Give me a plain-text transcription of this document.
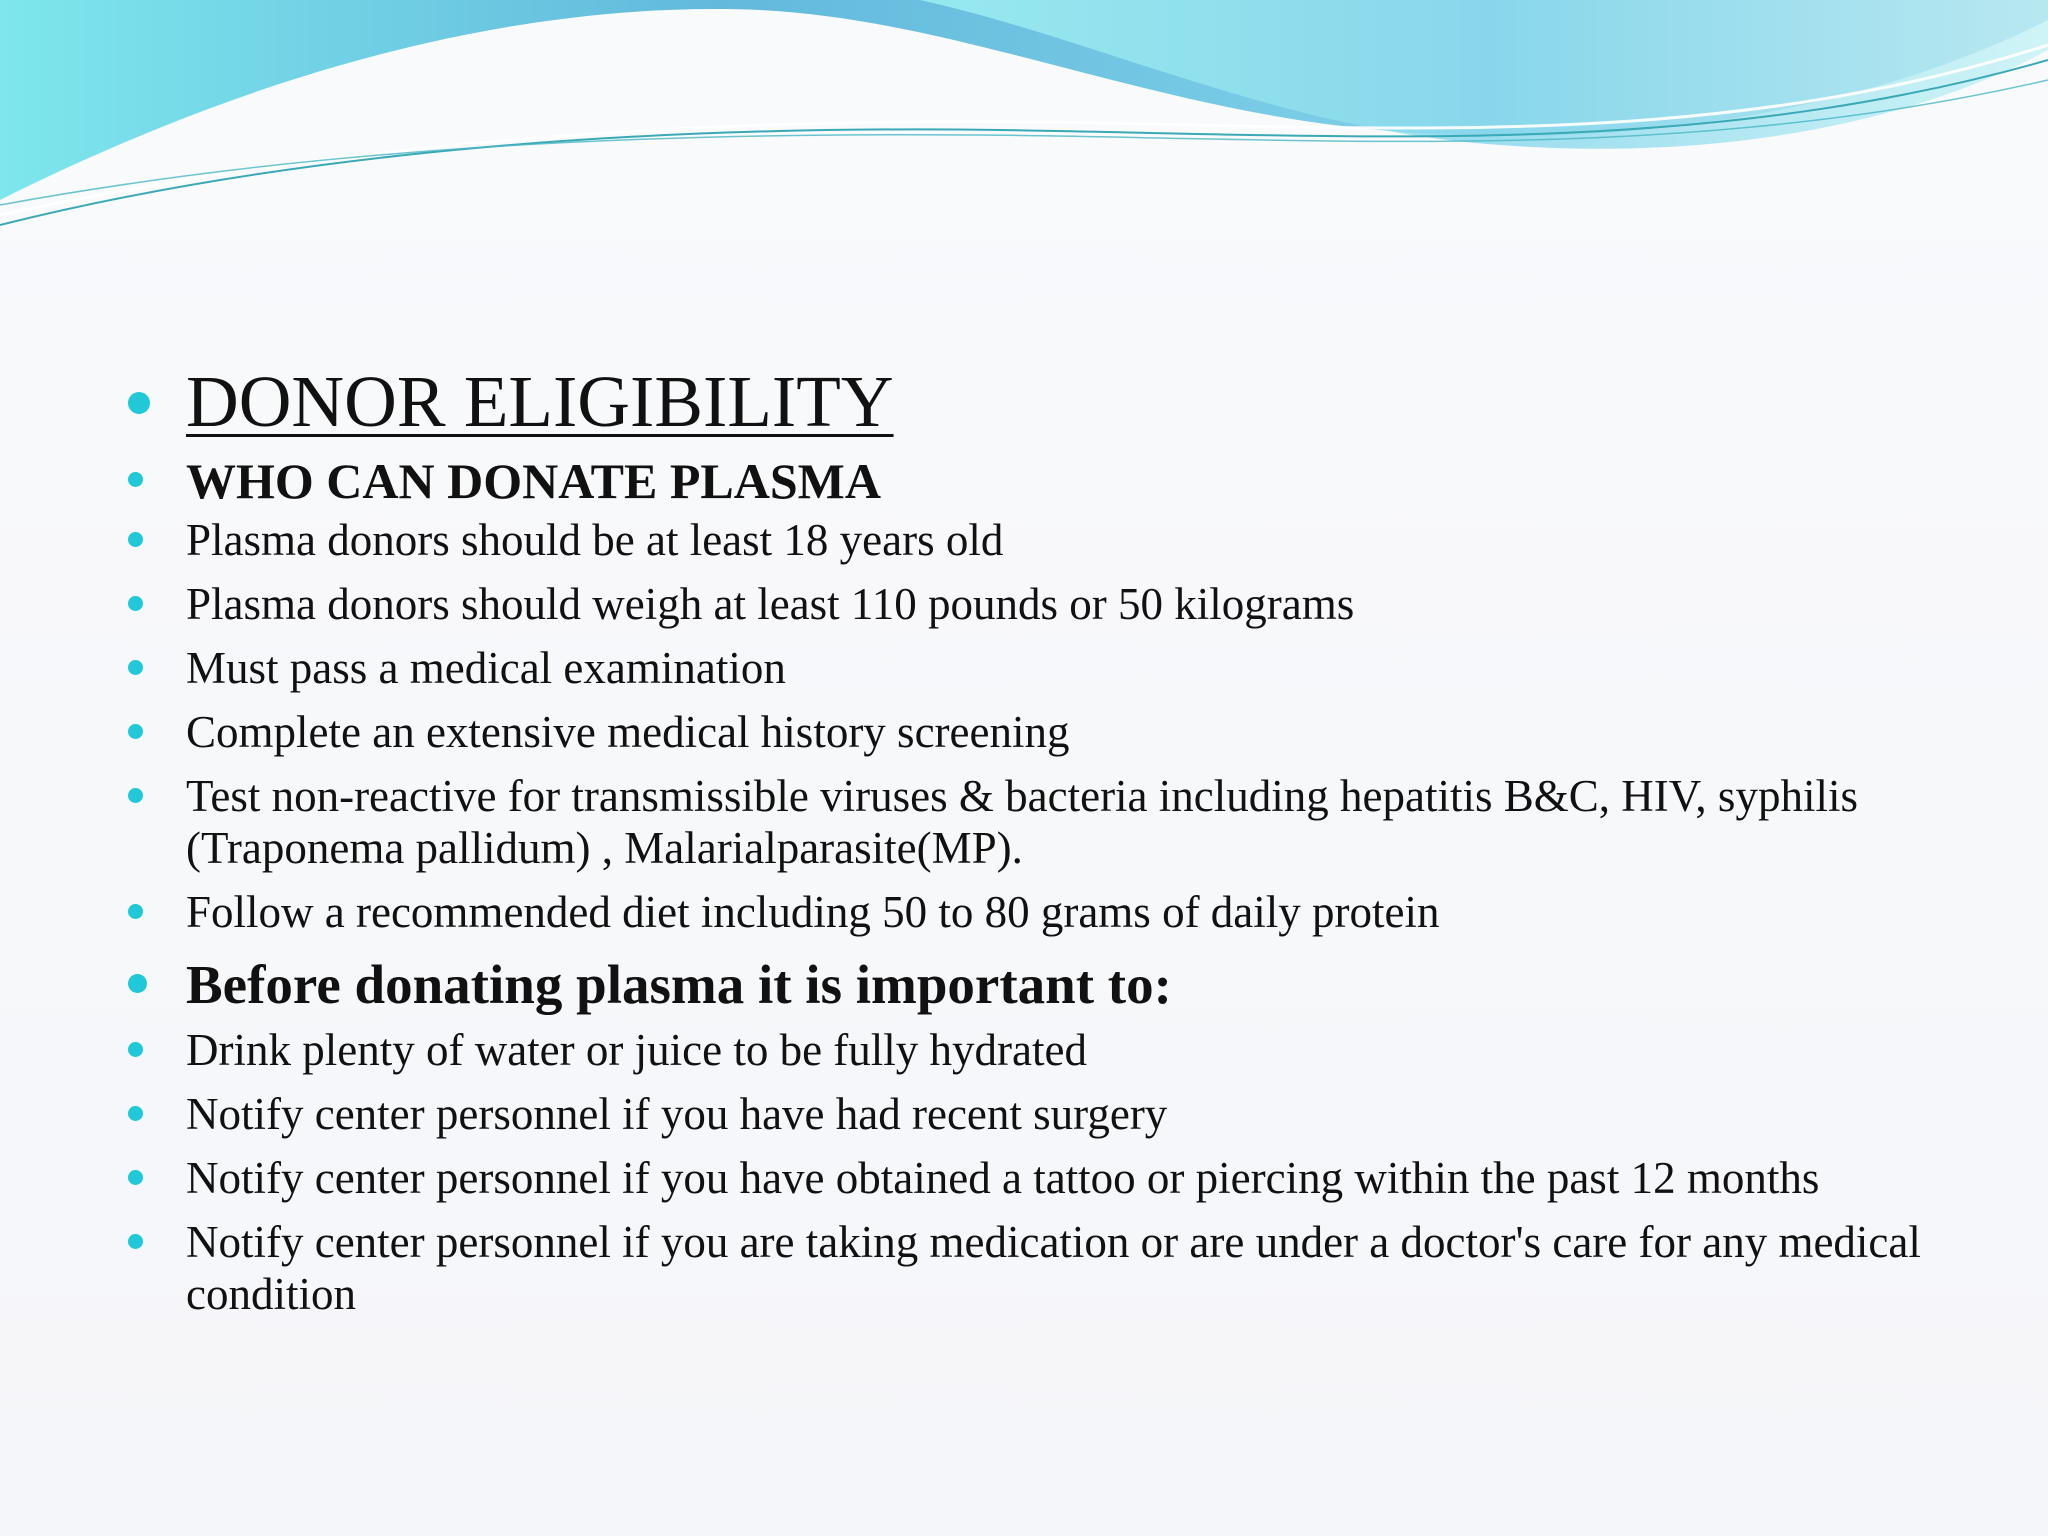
DONOR ELIGIBILITY
WHO CAN DONATE PLASMA
Plasma donors should be at least 18 years old
Plasma donors should weigh at least 110 pounds or 50 kilograms
Must pass a medical examination
Complete an extensive medical history screening
Test non-reactive for transmissible viruses & bacteria including hepatitis B&C, HIV, syphilis (Traponema pallidum) , Malarialparasite(MP).
Follow a recommended diet including 50 to 80 grams of daily protein
Before donating plasma it is important to:
Drink plenty of water or juice to be fully hydrated
Notify center personnel if you have had recent surgery
Notify center personnel if you have obtained a tattoo or piercing within the past 12 months
Notify center personnel if you are taking medication or are under a doctor's care for any medical condition
